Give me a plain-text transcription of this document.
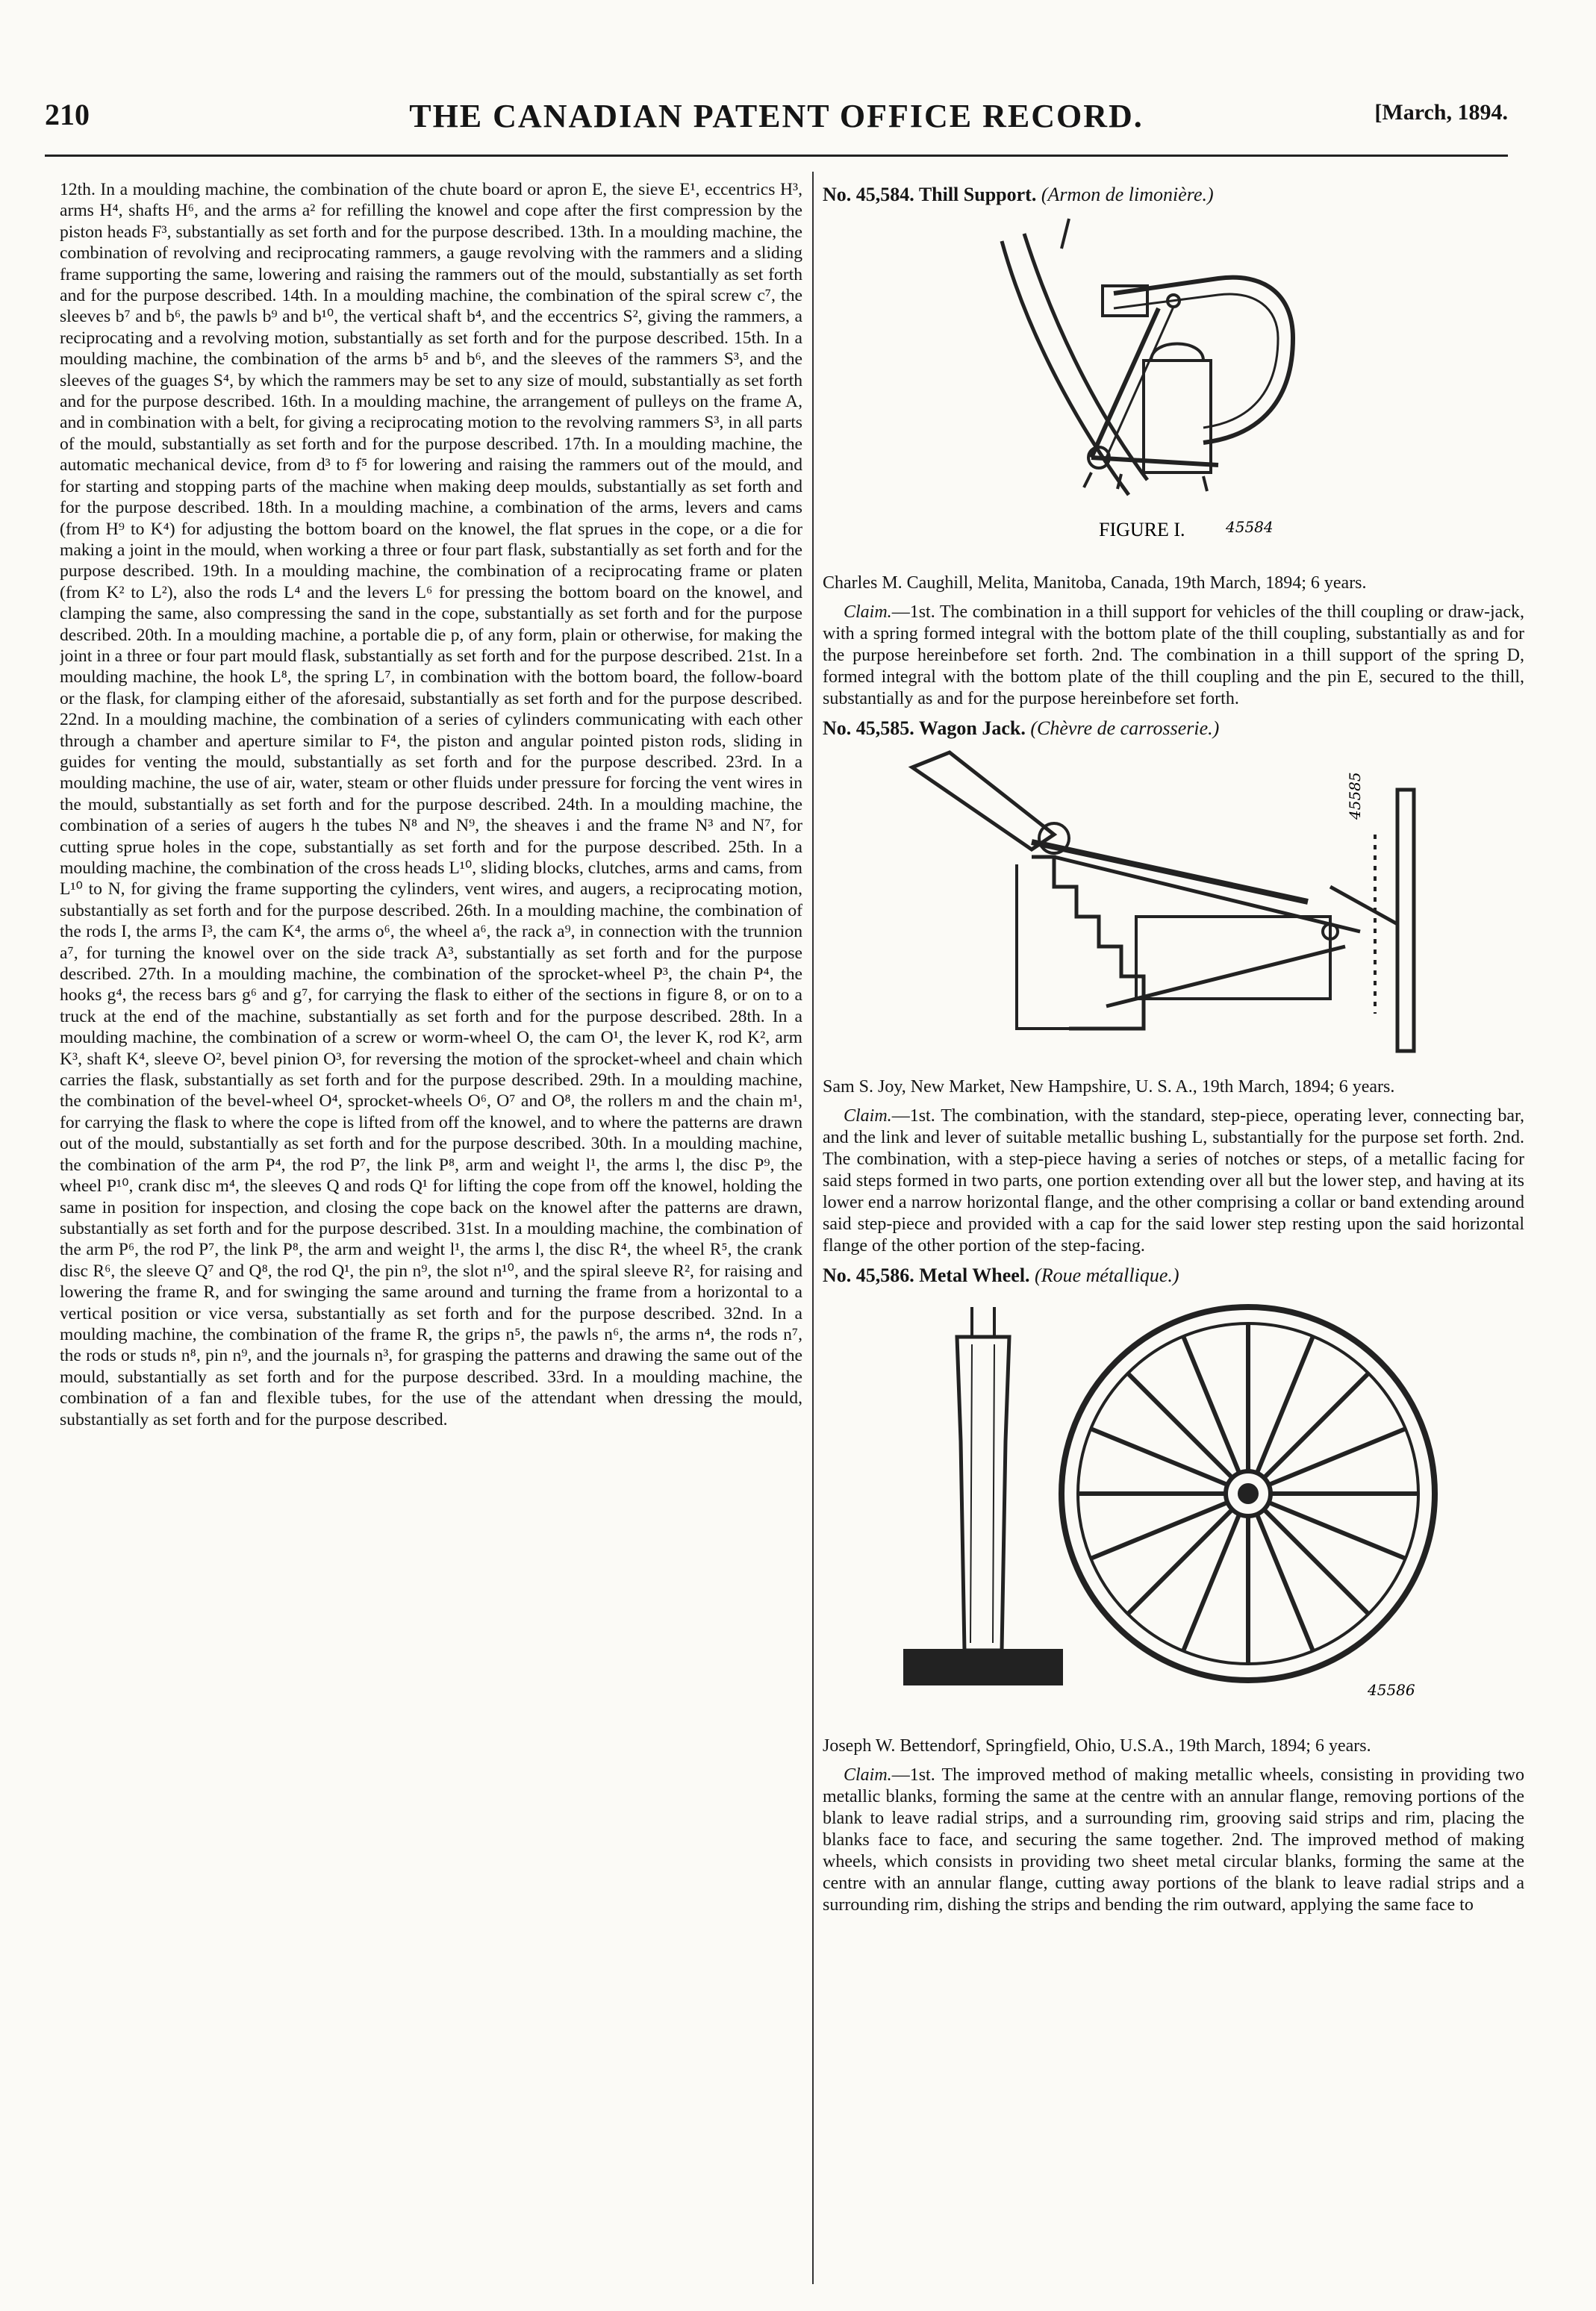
210	THE CANADIAN PATENT OFFICE RECORD.	[March, 1894.

12th. In a moulding machine, the combination of the chute board or apron E, the sieve E¹, eccentrics H³, arms H⁴, shafts H⁶, and the arms a² for refilling the knowel and cope after the first compression by the piston heads F³, substantially as set forth and for the purpose described. 13th. In a moulding machine, the combination of revolving and reciprocating rammers, a gauge revolving with the rammers and a sliding frame supporting the same, lowering and raising the rammers out of the mould, substantially as set forth and for the purpose described. 14th. In a moulding machine, the combination of the spiral screw c⁷, the sleeves b⁷ and b⁶, the pawls b⁹ and b¹⁰, the vertical shaft b⁴, and the eccentrics S², giving the rammers, a reciprocating and a revolving motion, substantially as set forth and for the purpose described. 15th. In a moulding machine, the combination of the arms b⁵ and b⁶, and the sleeves of the rammers S³, and the sleeves of the guages S⁴, by which the rammers may be set to any size of mould, substantially as set forth and for the purpose described. 16th. In a moulding machine, the arrangement of pulleys on the frame A, and in combination with a belt, for giving a reciprocating motion to the revolving rammers S³, in all parts of the mould, substantially as set forth and for the purpose described. 17th. In a moulding machine, the automatic mechanical device, from d³ to f⁵ for lowering and raising the rammers out of the mould, and for starting and stopping parts of the machine when making deep moulds, substantially as set forth and for the purpose described. 18th. In a moulding machine, a combination of the arms, levers and cams (from H⁹ to K⁴) for adjusting the bottom board on the knowel, the flat sprues in the cope, or a die for making a joint in the mould, when working a three or four part flask, substantially as set forth and for the purpose described. 19th. In a moulding machine, the combination of a reciprocating frame or platen (from K² to L²), also the rods L⁴ and the levers L⁶ for pressing the bottom board on the knowel, and clamping the same, also compressing the sand in the cope, substantially as set forth and for the purpose described. 20th. In a moulding machine, a portable die p, of any form, plain or otherwise, for making the joint in a three or four part mould flask, substantially as set forth and for the purpose described. 21st. In a moulding machine, the hook L⁸, the spring L⁷, in combination with the bottom board, the follow-board or the flask, for clamping either of the aforesaid, substantially as set forth and for the purpose described. 22nd. In a moulding machine, the combination of a series of cylinders communicating with each other through a chamber and aperture similar to F⁴, the piston and angular pointed piston rods, sliding in guides for venting the mould, substantially as set forth and for the purpose described. 23rd. In a moulding machine, the use of air, water, steam or other fluids under pressure for forcing the vent wires in the mould, substantially as set forth and for the purpose described. 24th. In a moulding machine, the combination of a series of augers h the tubes N⁸ and N⁹, the sheaves i and the frame N³ and N⁷, for cutting sprue holes in the cope, substantially as set forth and for the purpose described. 25th. In a moulding machine, the combination of the cross heads L¹⁰, sliding blocks, clutches, arms and cams, from L¹⁰ to N, for giving the frame supporting the cylinders, vent wires, and augers, a reciprocating motion, substantially as set forth and for the purpose described. 26th. In a moulding machine, the combination of the rods I, the arms I³, the cam K⁴, the arms o⁶, the wheel a⁶, the rack a⁹, in connection with the trunnion a⁷, for turning the knowel over on the side track A³, substantially as set forth and for the purpose described. 27th. In a moulding machine, the combination of the sprocket-wheel P³, the chain P⁴, the hooks g⁴, the recess bars g⁶ and g⁷, for carrying the flask to either of the sections in figure 8, or on to a truck at the end of the machine, substantially as set forth and for the purpose described. 28th. In a moulding machine, the combination of a screw or worm-wheel O, the cam O¹, the lever K, rod K², arm K³, shaft K⁴, sleeve O², bevel pinion O³, for reversing the motion of the sprocket-wheel and chain which carries the flask, substantially as set forth and for the purpose described. 29th. In a moulding machine, the combination of the bevel-wheel O⁴, sprocket-wheels O⁶, O⁷ and O⁸, the rollers m and the chain m¹, for carrying the flask to where the cope is lifted from off the knowel, and to where the patterns are drawn out of the mould, substantially as set forth and for the purpose described. 30th. In a moulding machine, the combination of the arm P⁴, the rod P⁷, the link P⁸, arm and weight l¹, the arms l, the disc P⁹, the wheel P¹⁰, crank disc m⁴, the sleeves Q and rods Q¹ for lifting the cope from off the knowel, holding the same in position for inspection, and closing the cope back on the knowel after the patterns are drawn, substantially as set forth and for the purpose described. 31st. In a moulding machine, the combination of the arm P⁶, the rod P⁷, the link P⁸, the arm and weight l¹, the arms l, the disc R⁴, the wheel R⁵, the crank disc R⁶, the sleeve Q⁷ and Q⁸, the rod Q¹, the pin n⁹, the slot n¹⁰, and the spiral sleeve R², for raising and lowering the frame R, and for swinging the same around and turning the frame from a horizontal to a vertical position or vice versa, substantially as set forth and for the purpose described. 32nd. In a moulding machine, the combination of the frame R, the grips n⁵, the pawls n⁶, the arms n⁴, the rods n⁷, the rods or studs n⁸, pin n⁹, and the journals n³, for grasping the patterns and drawing the same out of the mould, substantially as set forth and for the purpose described. 33rd. In a moulding machine, the combination of a fan and flexible tubes, for the use of the attendant when dressing the mould, substantially as set forth and for the purpose described.

No. 45,584. Thill Support. (Armon de limonière.)
FIGURE I.	45584

Charles M. Caughill, Melita, Manitoba, Canada, 19th March, 1894; 6 years.

Claim.—1st. The combination in a thill support for vehicles of the thill coupling or draw-jack, with a spring formed integral with the bottom plate of the thill coupling, substantially as and for the purpose hereinbefore set forth. 2nd. The combination in a thill support of the spring D, formed integral with the bottom plate of the thill coupling and the pin E, secured to the thill, substantially as and for the purpose hereinbefore set forth.

No. 45,585. Wagon Jack. (Chèvre de carrosserie.)
45585

Sam S. Joy, New Market, New Hampshire, U. S. A., 19th March, 1894; 6 years.

Claim.—1st. The combination, with the standard, step-piece, operating lever, connecting bar, and the link and lever of suitable metallic bushing L, substantially for the purpose set forth. 2nd. The combination, with a step-piece having a series of notches or steps, of a metallic facing for said steps formed in two parts, one portion extending over all but the lower step, and having at its lower end a narrow horizontal flange, and the other comprising a collar or band extending around said step-piece and provided with a cap for the said lower step resting upon the said horizontal flange of the other portion of the step-facing.

No. 45,586. Metal Wheel. (Roue métallique.)
45586

Joseph W. Bettendorf, Springfield, Ohio, U.S.A., 19th March, 1894; 6 years.

Claim.—1st. The improved method of making metallic wheels, consisting in providing two metallic blanks, forming the same at the centre with an annular flange, removing portions of the blank to leave radial strips, and a surrounding rim, grooving said strips and rim, placing the blanks face to face, and securing the same together. 2nd. The improved method of making wheels, which consists in providing two sheet metal circular blanks, forming the same at the centre with an annular flange, cutting away portions of the blank to leave radial strips and a surrounding rim, dishing the strips and bending the rim outward, applying the same face to
